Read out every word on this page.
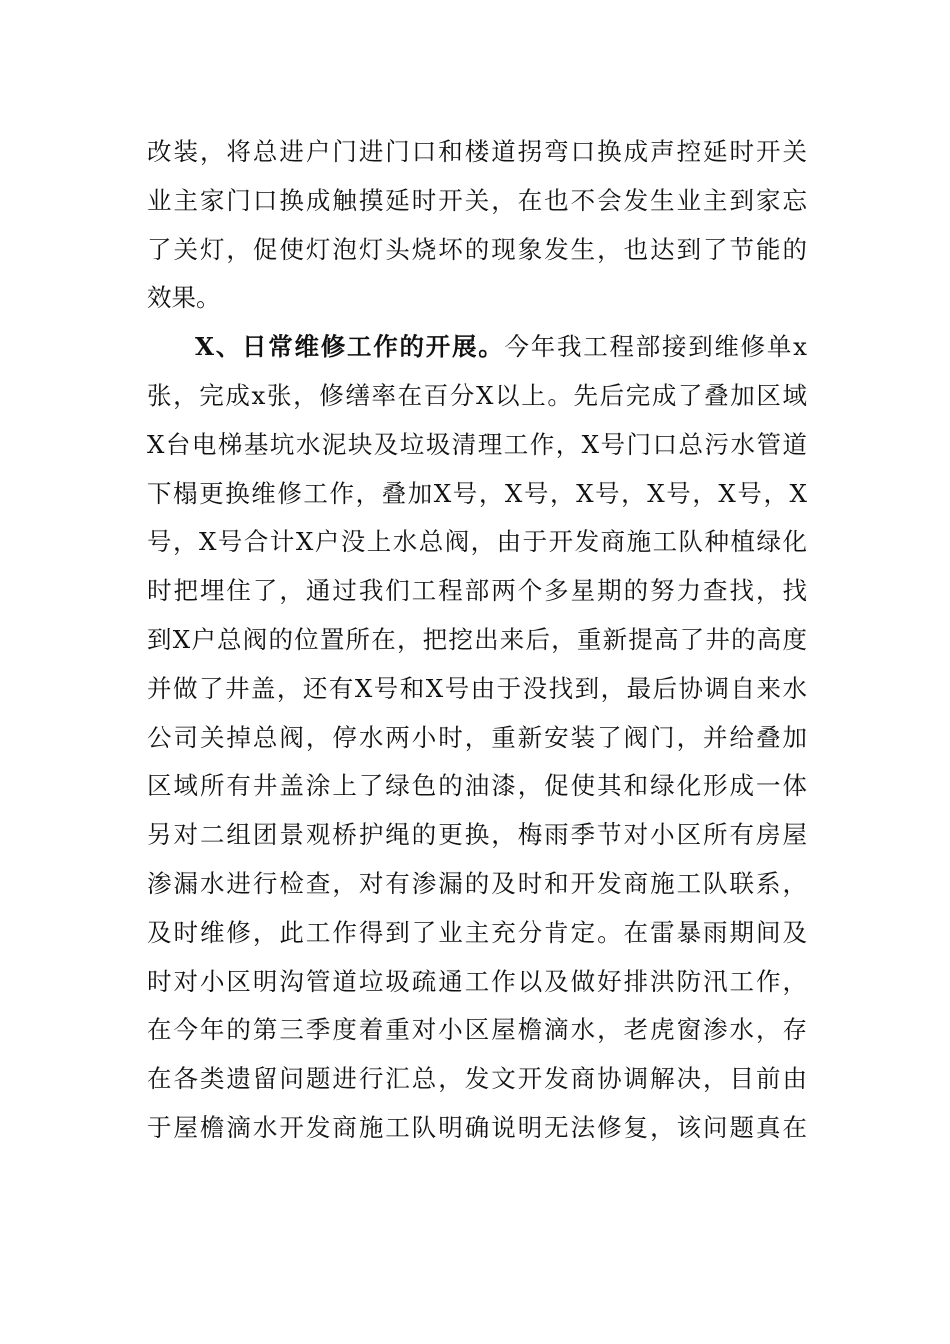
改装，将总进户门进门口和楼道拐弯口换成声控延时开关
业主家门口换成触摸延时开关，在也不会发生业主到家忘
了关灯，促使灯泡灯头烧坏的现象发生，也达到了节能的
效果。
X、日常维修工作的开展。今年我工程部接到维修单x
张，完成x张，修缮率在百分X以上。先后完成了叠加区域
X台电梯基坑水泥块及垃圾清理工作，X号门口总污水管道
下榻更换维修工作，叠加X号，X号，X号，X号，X号，X
号，X号合计X户没上水总阀，由于开发商施工队种植绿化
时把埋住了，通过我们工程部两个多星期的努力查找，找
到X户总阀的位置所在，把挖出来后，重新提高了井的高度
并做了井盖，还有X号和X号由于没找到，最后协调自来水
公司关掉总阀，停水两小时，重新安装了阀门，并给叠加
区域所有井盖涂上了绿色的油漆，促使其和绿化形成一体
另对二组团景观桥护绳的更换，梅雨季节对小区所有房屋
渗漏水进行检查，对有渗漏的及时和开发商施工队联系，
及时维修，此工作得到了业主充分肯定。在雷暴雨期间及
时对小区明沟管道垃圾疏通工作以及做好排洪防汛工作，
在今年的第三季度着重对小区屋檐滴水，老虎窗渗水，存
在各类遗留问题进行汇总，发文开发商协调解决，目前由
于屋檐滴水开发商施工队明确说明无法修复，该问题真在
